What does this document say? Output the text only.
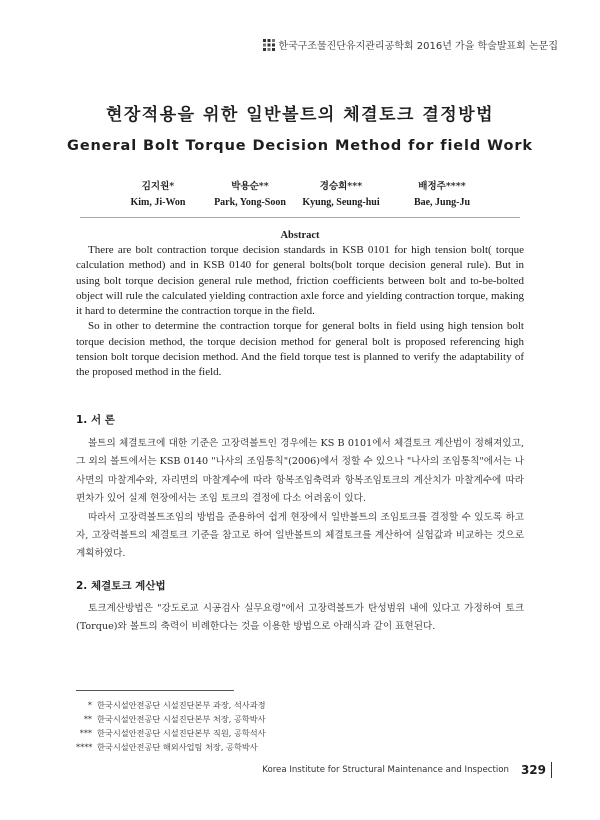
한국구조물진단유지관리공학회 2016년 가을 학술발표회 논문집
현장적용을 위한 일반볼트의 체결토크 결정방법
General Bolt Torque Decision Method for field Work
김지원*
Kim, Ji-Won
박용순**
Park, Yong-Soon
경승희***
Kyung, Seung-hui
배정주****
Bae, Jung-Ju
Abstract

There are bolt contraction torque decision standards in KSB 0101 for high tension bolt( torque calculation method) and in KSB 0140 for general bolts(bolt torque decision general rule). But in using bolt torque decision general rule method, friction coefficients between bolt and to-be-bolted object will rule the calculated yielding contraction axle force and yielding contraction torque, making it hard to determine the contraction torque in the field.

So in other to determine the contraction torque for general bolts in field using high tension bolt torque decision method, the torque decision method for general bolt is proposed referencing high tension bolt torque decision method. And the field torque test is planned to verify the adaptability of the proposed method in the field.

1. 서 론

볼트의 체결토크에 대한 기준은 고장력볼트인 경우에는 KS B 0101에서 체결토크 계산법이 정해져있고, 그 외의 볼트에서는 KSB 0140 "나사의 조임통칙"(2006)에서 정할 수 있으나 "나사의 조임통칙"에서는 나사면의 마찰계수와, 자리면의 마찰계수에 따라 항복조임축력과 항복조임토크의 계산치가 마찰계수에 따라 편차가 있어 실제 현장에서는 조임 토크의 결정에 다소 어려움이 있다.

따라서 고장력볼트조임의 방법을 준용하여 쉽게 현장에서 일반볼트의 조임토크를 결정할 수 있도록 하고자, 고장력볼트의 체결토크 기준을 참고로 하여 일반볼트의 체결토크를 계산하여 실험값과 비교하는 것으로 계획하였다.

2. 체결토크 계산법

토크계산방법은 "강도로교 시공검사 실무요령"에서 고장력볼트가 탄성범위 내에 있다고 가정하여 토크(Torque)와 볼트의 축력이 비례한다는 것을 이용한 방법으로 아래식과 같이 표현된다.

* 한국시설안전공단 시설진단본부 과장, 석사과정
** 한국시설안전공단 시설진단본부 처장, 공학박사
*** 한국시설안전공단 시설진단본부 직원, 공학석사
**** 한국시설안전공단 해외사업팀 처장, 공학박사
Korea Institute for Structural Maintenance and Inspection 329
